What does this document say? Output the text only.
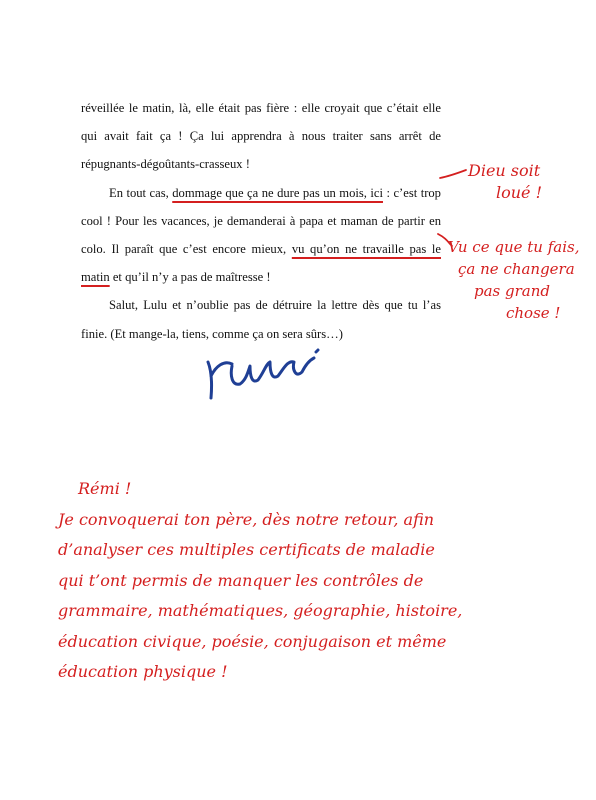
réveillée le matin, là, elle était pas fière : elle croyait que c’était elle qui avait fait ça ! Ça lui apprendra à nous traiter sans arrêt de répugnants-dégoûtants-crasseux !

En tout cas, dommage que ça ne dure pas un mois, ici : c’est trop cool ! Pour les vacances, je demanderai à papa et maman de partir en colo. Il paraît que c’est encore mieux, vu qu’on ne travaille pas le matin et qu’il n’y a pas de maîtresse !

Salut, Lulu et n’oublie pas de détruire la lettre dès que tu l’as finie. (Et mange-la, tiens, comme ça on sera sûrs…)

Dieu soit
loué !
Vu ce que tu fais,
ça ne changera
pas grand
chose !
Rémi !
Je convoquerai ton père, dès notre retour, afin
d’analyser ces multiples certificats de maladie
qui t’ont permis de manquer les contrôles de
grammaire, mathématiques, géographie, histoire,
éducation civique, poésie, conjugaison et même
éducation physique !
